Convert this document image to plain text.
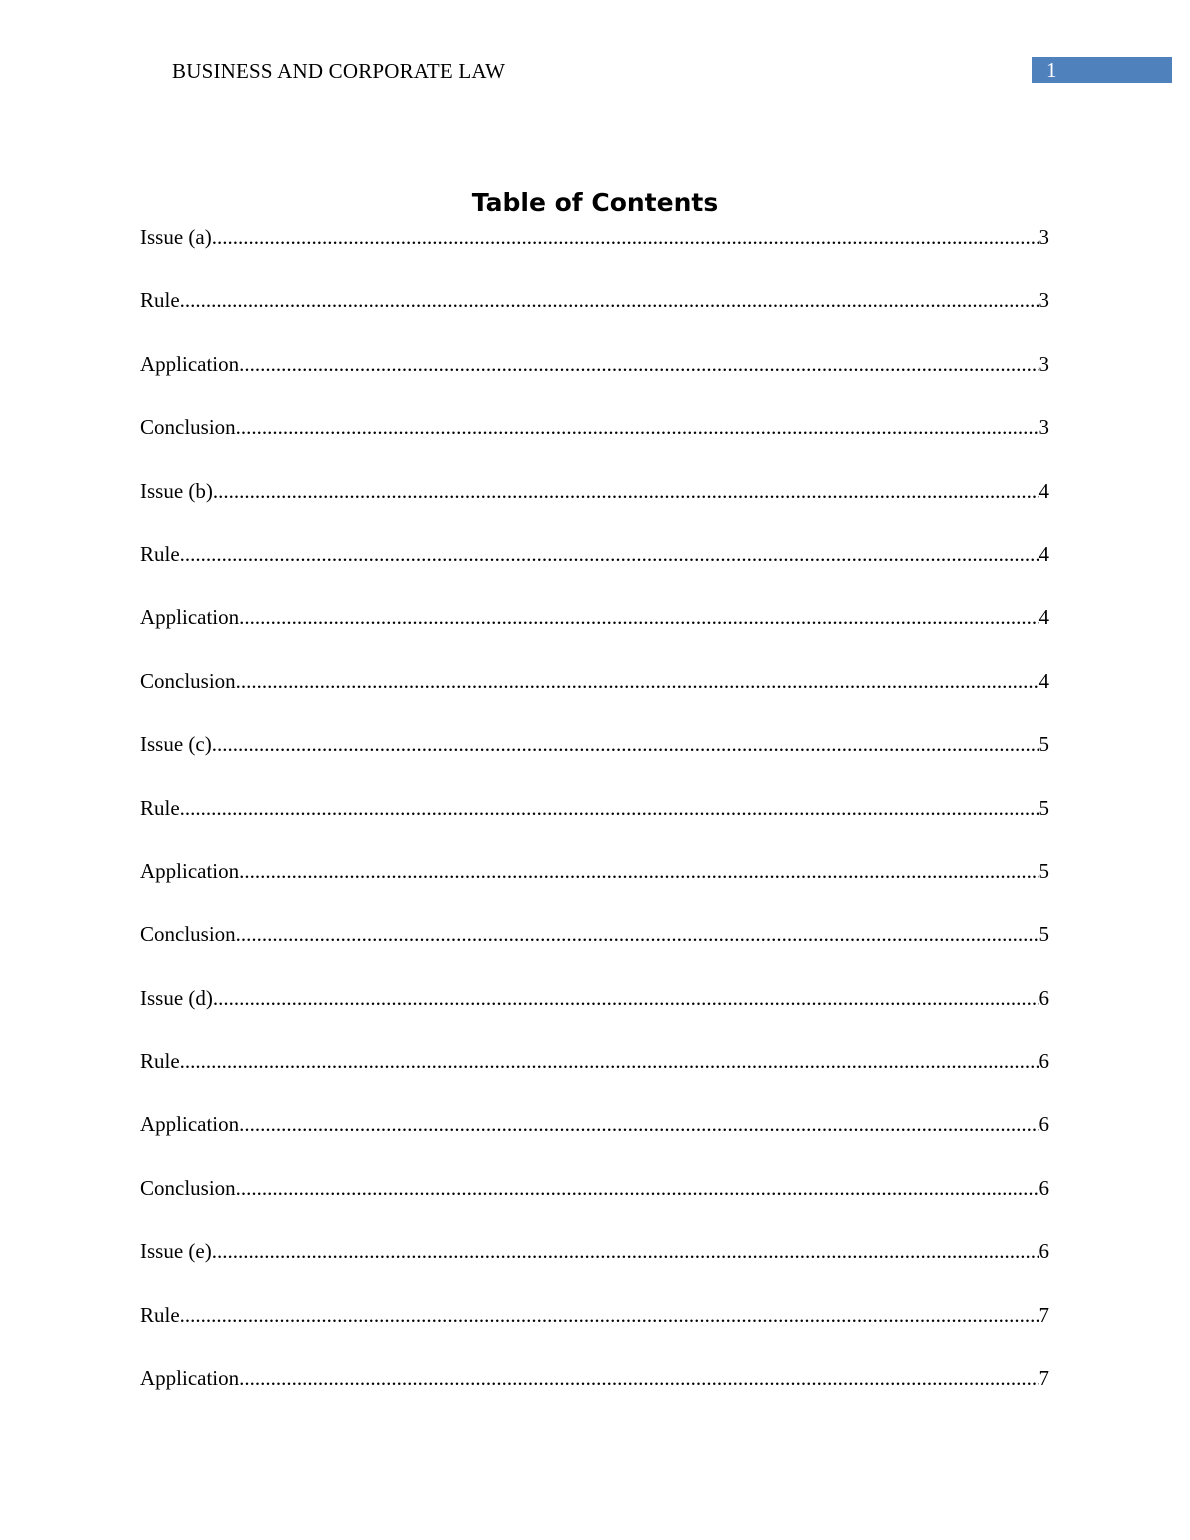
BUSINESS AND CORPORATE LAW	1
Table of Contents
Issue (a) .....	3
Rule .....	3
Application .....	3
Conclusion .....	3
Issue (b) .....	4
Rule .....	4
Application .....	4
Conclusion .....	4
Issue (c) .....	5
Rule .....	5
Application .....	5
Conclusion .....	5
Issue (d) .....	6
Rule .....	6
Application .....	6
Conclusion .....	6
Issue (e) .....	6
Rule .....	7
Application .....	7
